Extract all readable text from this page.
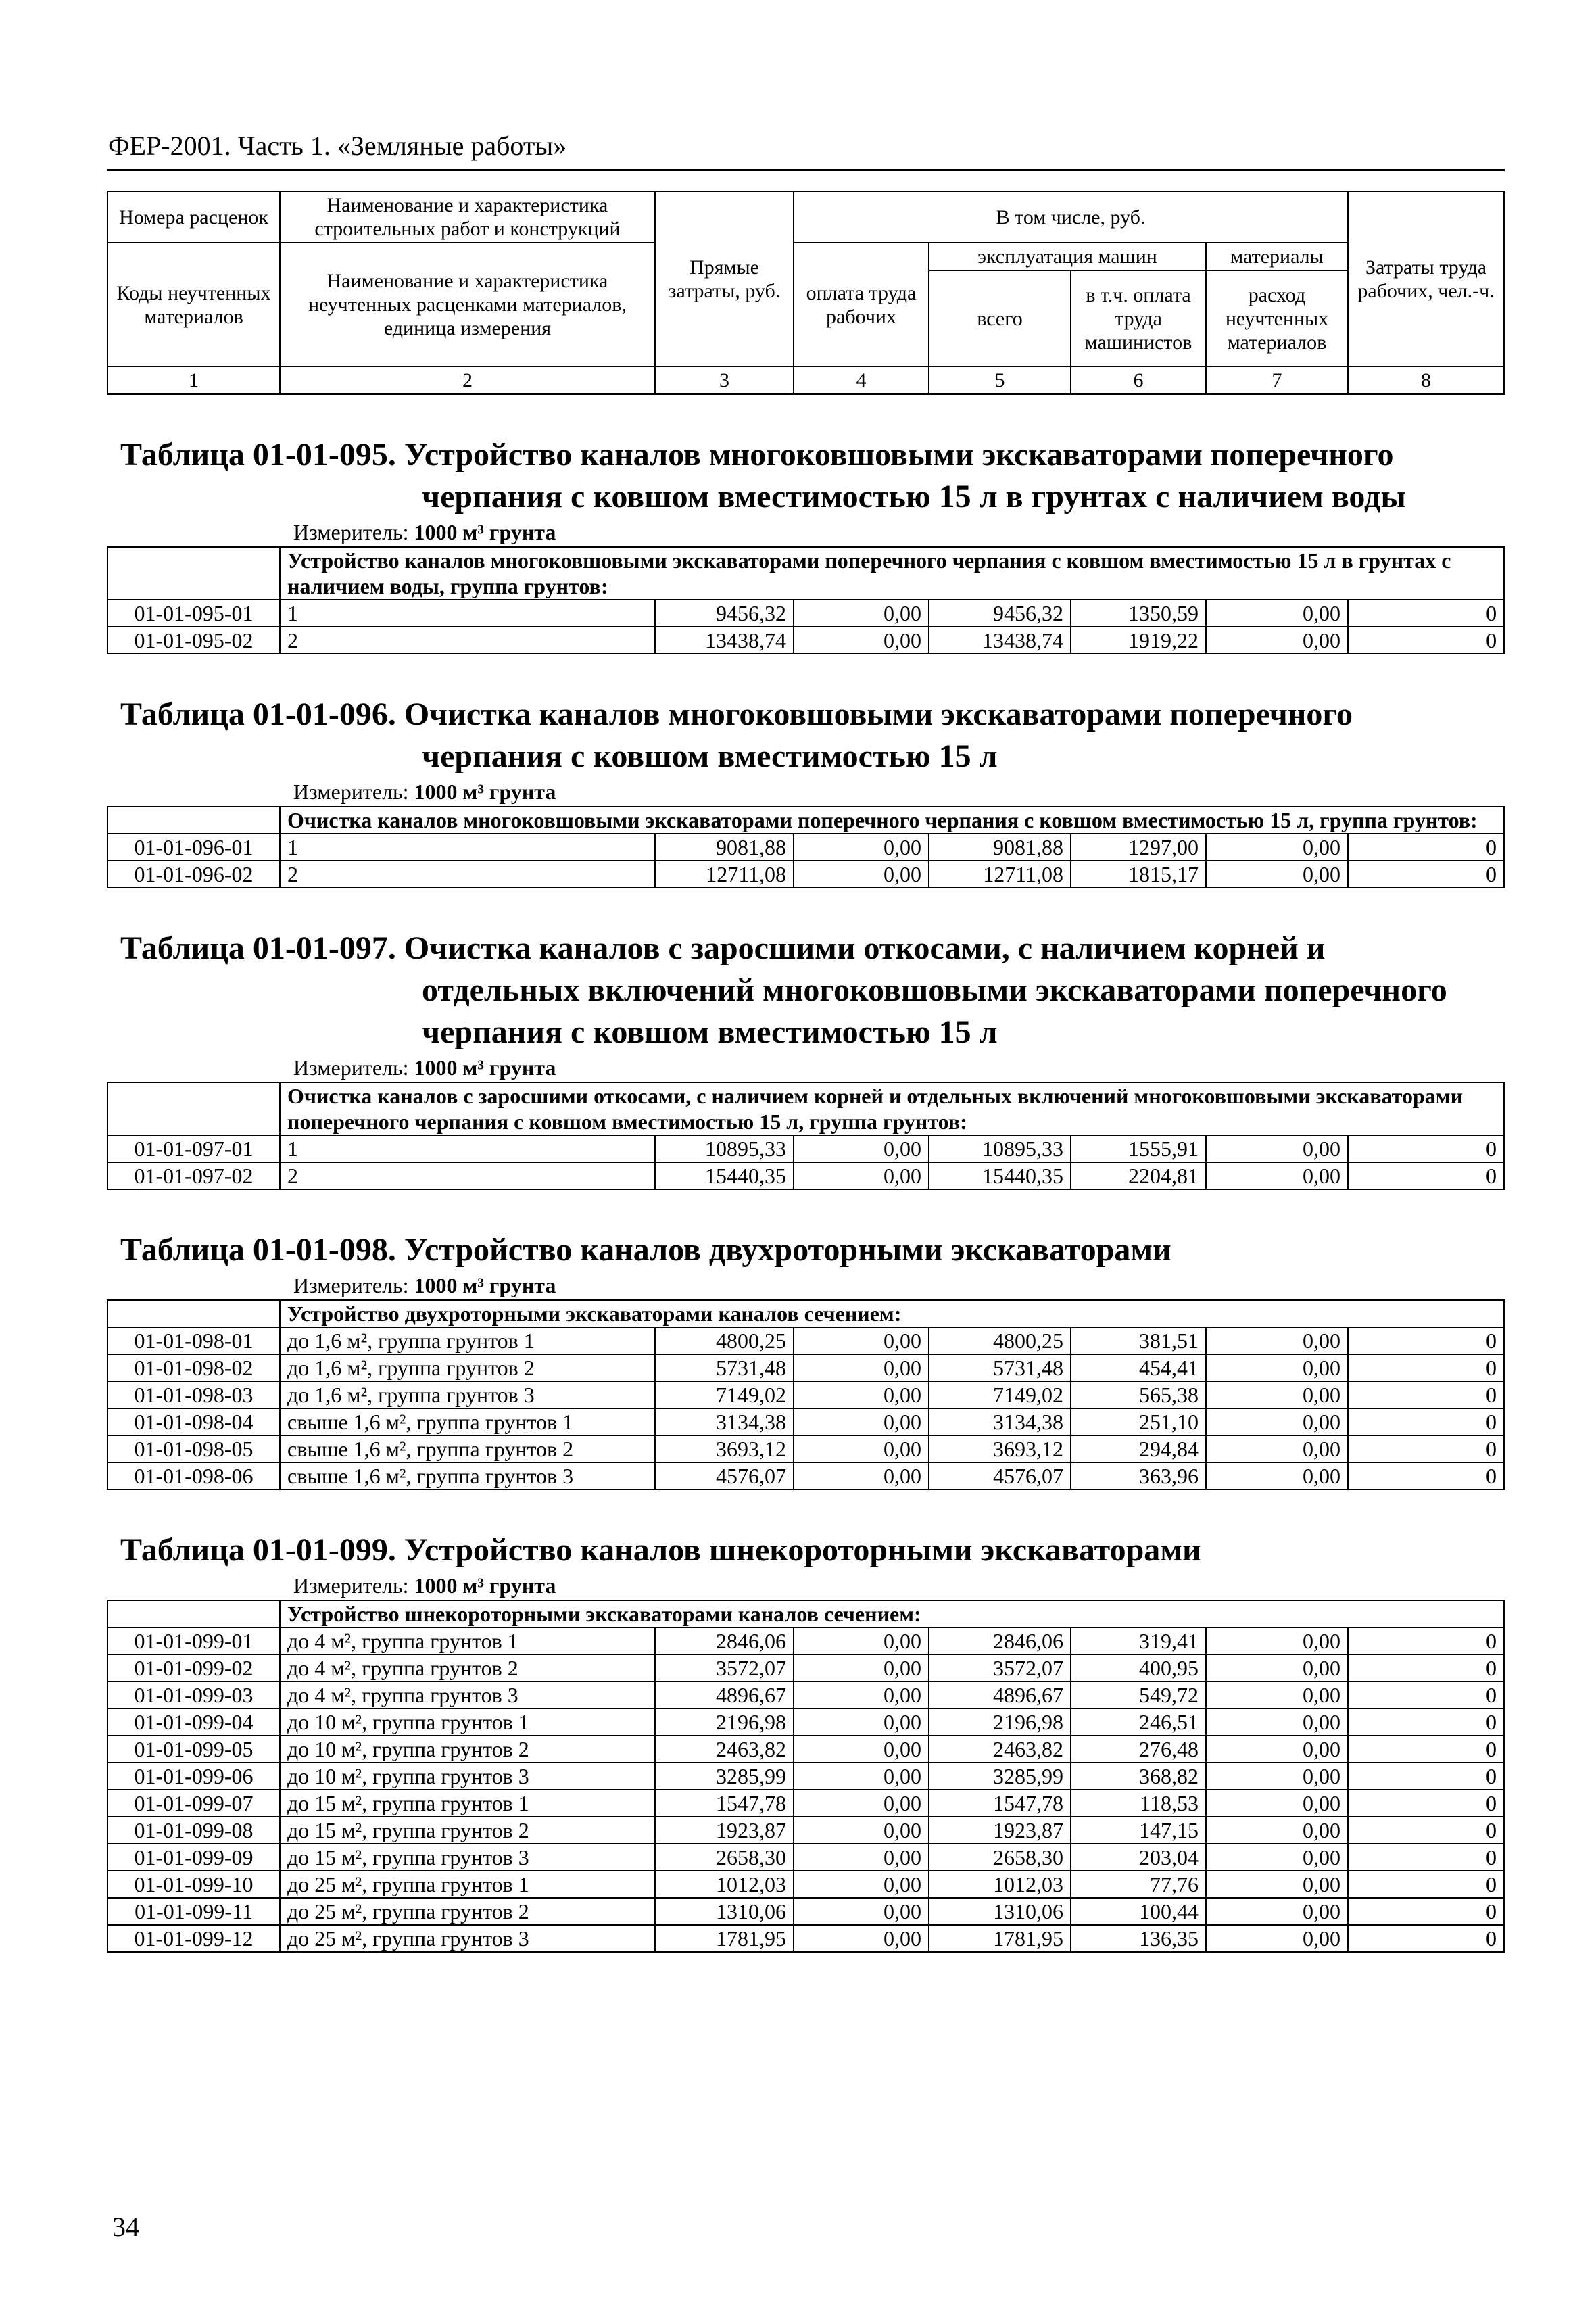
ФЕР-2001. Часть 1. «Земляные работы»
Номера расценок	Наименование и характеристика строительных работ и конструкций	Прямые затраты, руб.	В том числе, руб.				Затраты труда рабочих, чел.-ч.
Коды неучтенных материалов	Наименование и характеристика неучтенных расценками материалов, единица измерения		оплата труда рабочих	эксплуатация машин		материалы	
				всего	в т.ч. оплата труда машинистов	расход неучтенных материалов	
1	2	3	4	5	6	7	8
Таблица 01-01-095. Устройство каналов многоковшовыми экскаваторами поперечного
черпания с ковшом вместимостью 15 л в грунтах с наличием воды
Измеритель: 1000 м³ грунта
	Устройство каналов многоковшовыми экскаваторами поперечного черпания с ковшом вместимостью 15 л в грунтах с наличием воды, группа грунтов:						
01-01-095-01	1	9456,32	0,00	9456,32	1350,59	0,00	0
01-01-095-02	2	13438,74	0,00	13438,74	1919,22	0,00	0
Таблица 01-01-096. Очистка каналов многоковшовыми экскаваторами поперечного
черпания с ковшом вместимостью 15 л
Измеритель: 1000 м³ грунта
	Очистка каналов многоковшовыми экскаваторами поперечного черпания с ковшом вместимостью 15 л, группа грунтов:						
01-01-096-01	1	9081,88	0,00	9081,88	1297,00	0,00	0
01-01-096-02	2	12711,08	0,00	12711,08	1815,17	0,00	0
Таблица 01-01-097. Очистка каналов с заросшими откосами, с наличием корней и
отдельных включений многоковшовыми экскаваторами поперечного
черпания с ковшом вместимостью 15 л
Измеритель: 1000 м³ грунта
	Очистка каналов с заросшими откосами, с наличием корней и отдельных включений многоковшовыми экскаваторами поперечного черпания с ковшом вместимостью 15 л, группа грунтов:						
01-01-097-01	1	10895,33	0,00	10895,33	1555,91	0,00	0
01-01-097-02	2	15440,35	0,00	15440,35	2204,81	0,00	0
Таблица 01-01-098. Устройство каналов двухроторными экскаваторами
Измеритель: 1000 м³ грунта
	Устройство двухроторными экскаваторами каналов сечением:						
01-01-098-01	до 1,6 м², группа грунтов 1	4800,25	0,00	4800,25	381,51	0,00	0
01-01-098-02	до 1,6 м², группа грунтов 2	5731,48	0,00	5731,48	454,41	0,00	0
01-01-098-03	до 1,6 м², группа грунтов 3	7149,02	0,00	7149,02	565,38	0,00	0
01-01-098-04	свыше 1,6 м², группа грунтов 1	3134,38	0,00	3134,38	251,10	0,00	0
01-01-098-05	свыше 1,6 м², группа грунтов 2	3693,12	0,00	3693,12	294,84	0,00	0
01-01-098-06	свыше 1,6 м², группа грунтов 3	4576,07	0,00	4576,07	363,96	0,00	0
Таблица 01-01-099. Устройство каналов шнекороторными экскаваторами
Измеритель: 1000 м³ грунта
	Устройство шнекороторными экскаваторами каналов сечением:						
01-01-099-01	до 4 м², группа грунтов 1	2846,06	0,00	2846,06	319,41	0,00	0
01-01-099-02	до 4 м², группа грунтов 2	3572,07	0,00	3572,07	400,95	0,00	0
01-01-099-03	до 4 м², группа грунтов 3	4896,67	0,00	4896,67	549,72	0,00	0
01-01-099-04	до 10 м², группа грунтов 1	2196,98	0,00	2196,98	246,51	0,00	0
01-01-099-05	до 10 м², группа грунтов 2	2463,82	0,00	2463,82	276,48	0,00	0
01-01-099-06	до 10 м², группа грунтов 3	3285,99	0,00	3285,99	368,82	0,00	0
01-01-099-07	до 15 м², группа грунтов 1	1547,78	0,00	1547,78	118,53	0,00	0
01-01-099-08	до 15 м², группа грунтов 2	1923,87	0,00	1923,87	147,15	0,00	0
01-01-099-09	до 15 м², группа грунтов 3	2658,30	0,00	2658,30	203,04	0,00	0
01-01-099-10	до 25 м², группа грунтов 1	1012,03	0,00	1012,03	77,76	0,00	0
01-01-099-11	до 25 м², группа грунтов 2	1310,06	0,00	1310,06	100,44	0,00	0
01-01-099-12	до 25 м², группа грунтов 3	1781,95	0,00	1781,95	136,35	0,00	0
34
